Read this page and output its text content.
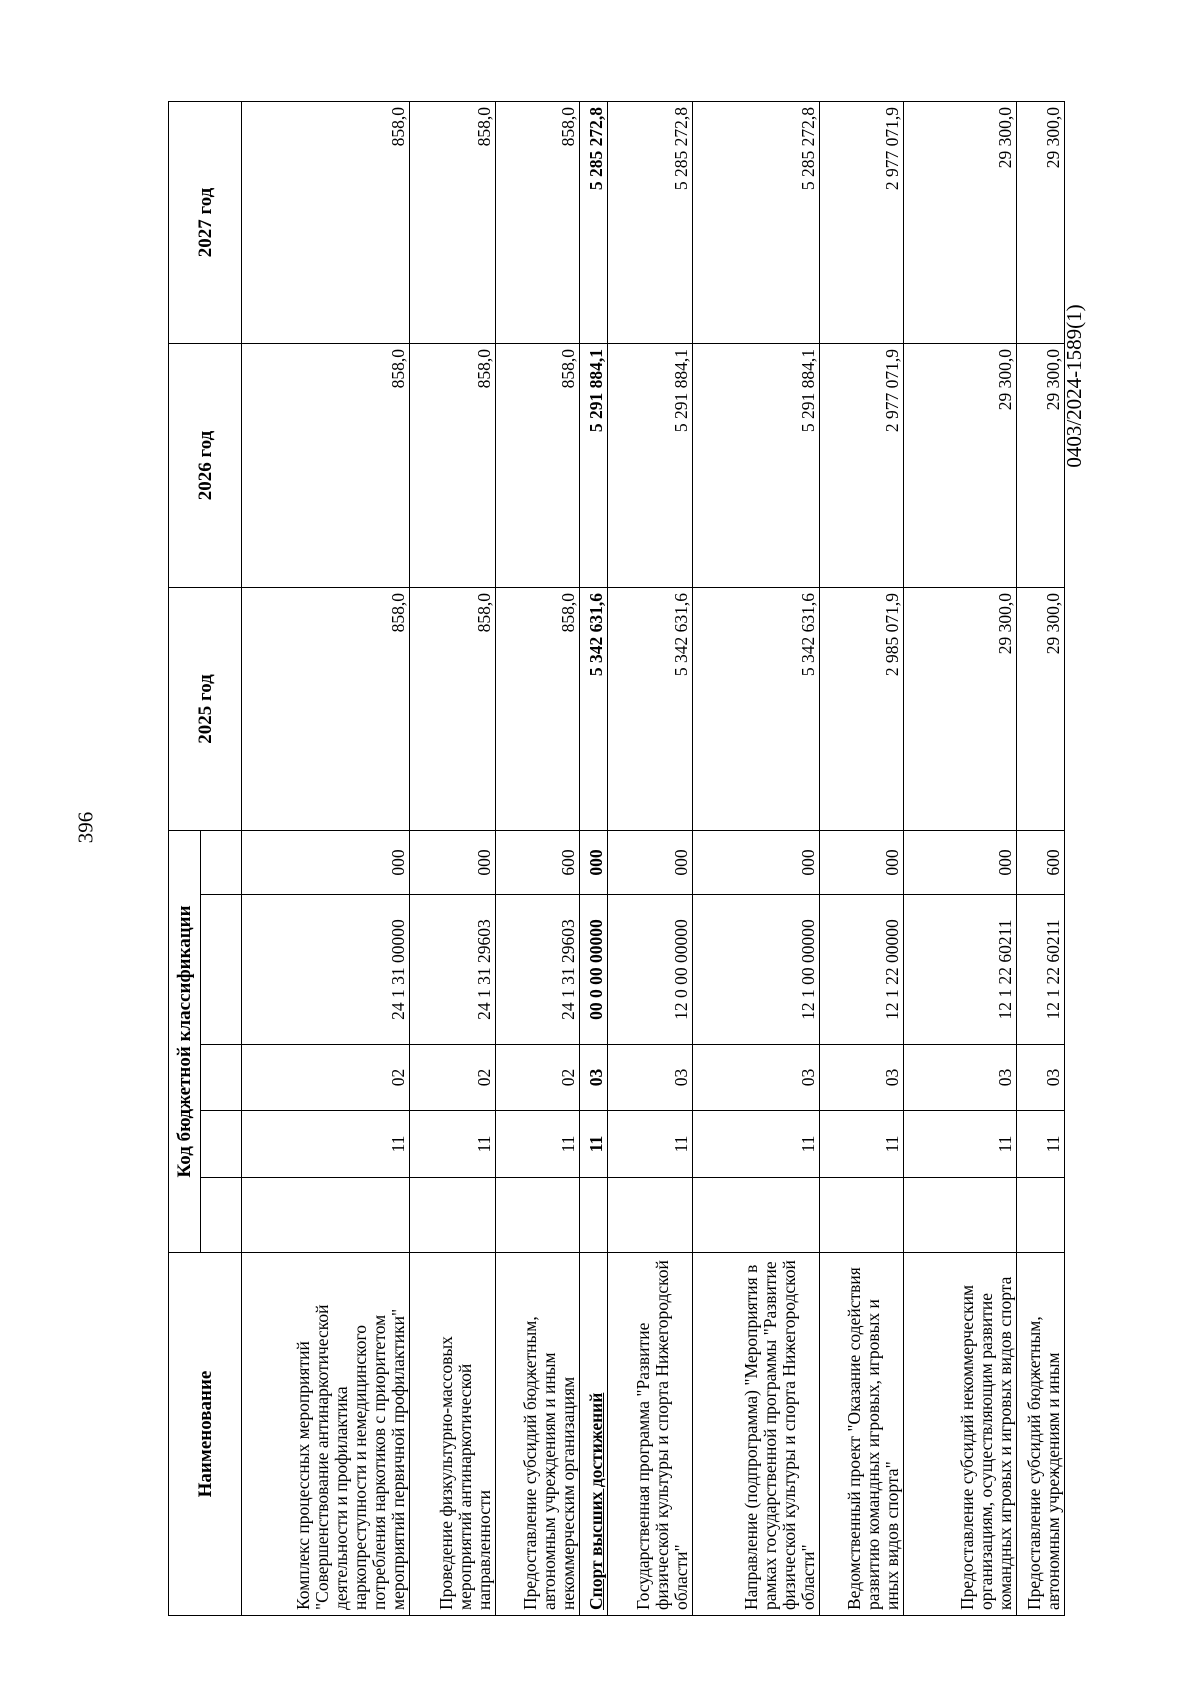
396
0403/2024-1589(1)
Наименование	Код бюджетной классификации					2025 год	2026 год	2027 год

Комплекс процессных мероприятий "Совершенствование антинаркотической деятельности и профилактика наркопреступности и немедицинского потребления наркотиков с приоритетом мероприятий первичной профилактики"		11	02	24 1 31 00000	000	858,0	858,0	858,0
Проведение физкультурно-массовых мероприятий антинаркотической направленности		11	02	24 1 31 29603	000	858,0	858,0	858,0
Предоставление субсидий бюджетным, автономным учреждениям и иным некоммерческим организациям		11	02	24 1 31 29603	600	858,0	858,0	858,0
Спорт высших достижений		11	03	00 0 00 00000	000	5 342 631,6	5 291 884,1	5 285 272,8
Государственная программа "Развитие физической культуры и спорта Нижегородской области"		11	03	12 0 00 00000	000	5 342 631,6	5 291 884,1	5 285 272,8
Направление (подпрограмма) "Мероприятия в рамках государственной программы "Развитие физической культуры и спорта Нижегородской области"		11	03	12 1 00 00000	000	5 342 631,6	5 291 884,1	5 285 272,8
Ведомственный проект "Оказание содействия развитию командных игровых, игровых и иных видов спорта"		11	03	12 1 22 00000	000	2 985 071,9	2 977 071,9	2 977 071,9
Предоставление субсидий некоммерческим организациям, осуществляющим развитие командных игровых и игровых видов спорта		11	03	12 1 22 60211	000	29 300,0	29 300,0	29 300,0
Предоставление субсидий бюджетным, автономным учреждениям и иным		11	03	12 1 22 60211	600	29 300,0	29 300,0	29 300,0
